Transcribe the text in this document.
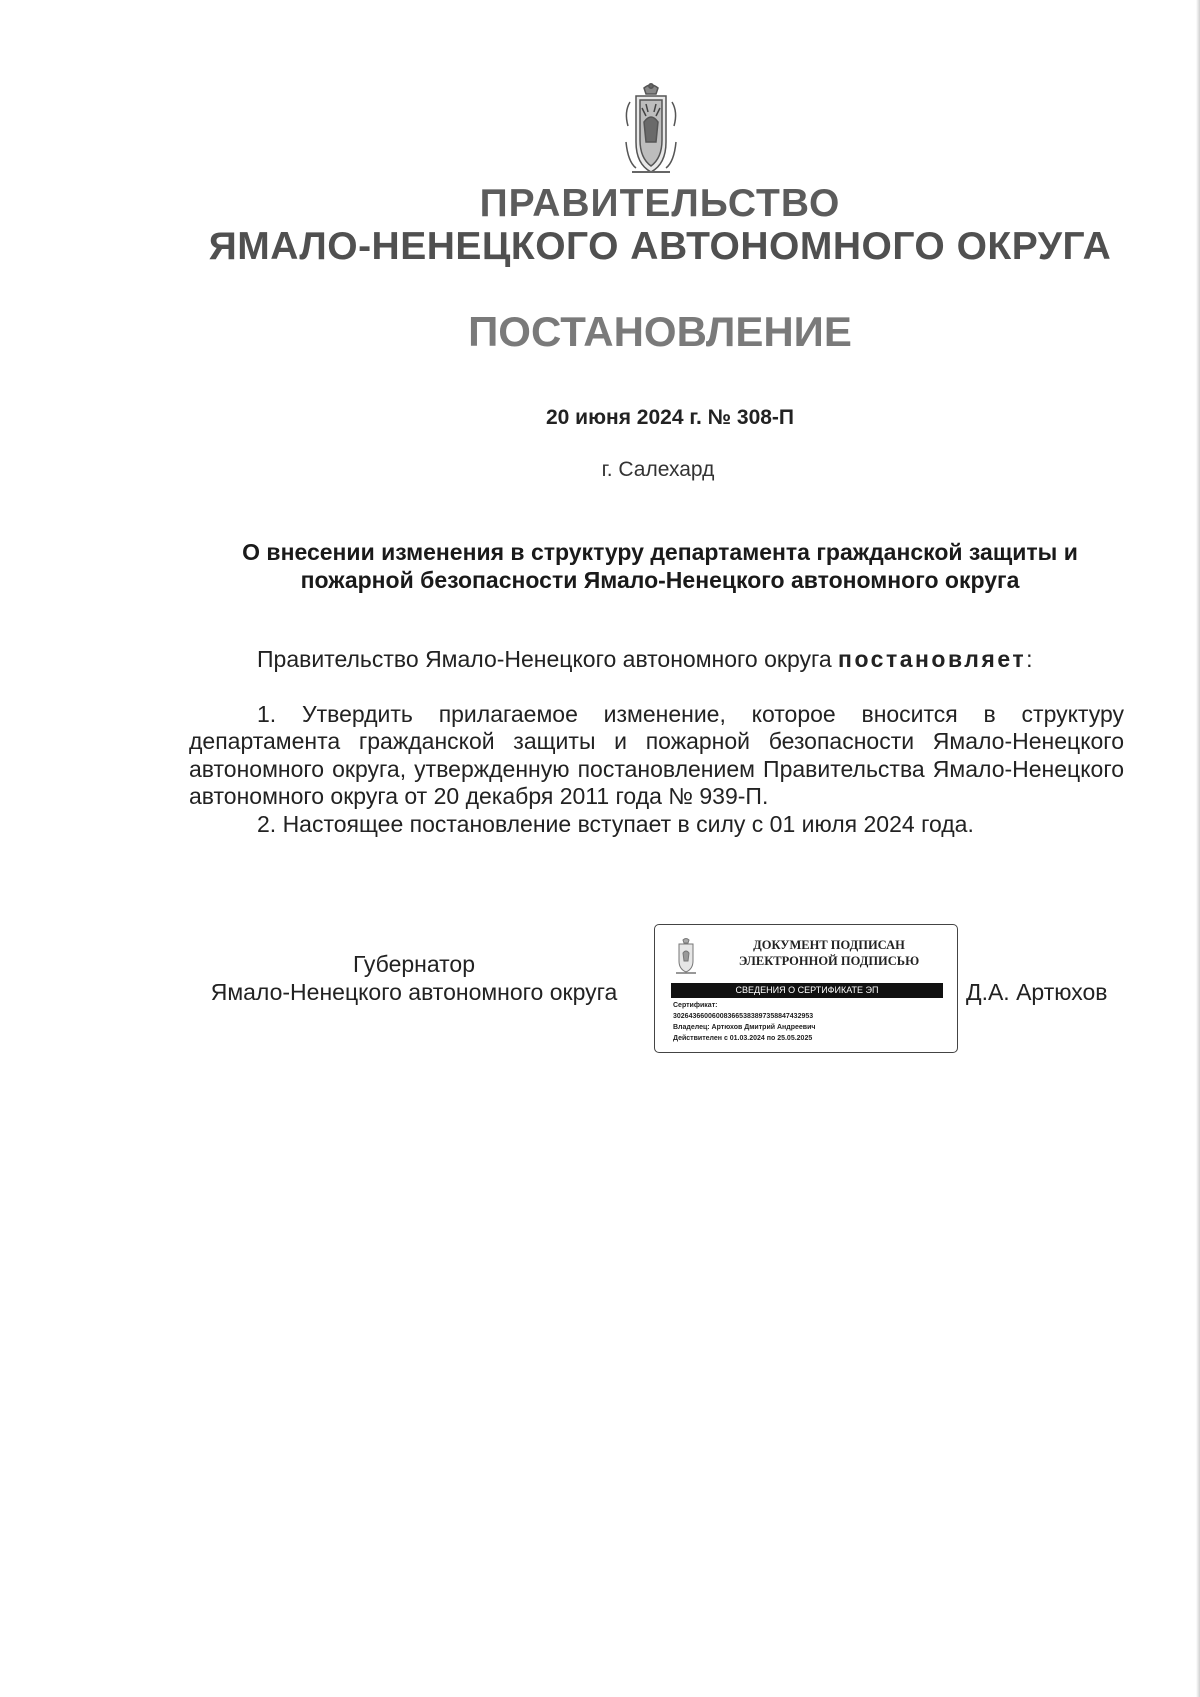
ПРАВИТЕЛЬСТВО
ЯМАЛО-НЕНЕЦКОГО АВТОНОМНОГО ОКРУГА
ПОСТАНОВЛЕНИЕ
20 июня 2024 г. № 308-П
г. Салехард
О внесении изменения в структуру департамента гражданской защиты и
пожарной безопасности Ямало-Ненецкого автономного округа

Правительство Ямало-Ненецкого автономного округа постановляет:

1. Утвердить прилагаемое изменение, которое вносится в структуру департамента гражданской защиты и пожарной безопасности Ямало-Ненецкого автономного округа, утвержденную постановлением Правительства Ямало-Ненецкого автономного округа от 20 декабря 2011 года № 939-П.

2. Настоящее постановление вступает в силу с 01 июля 2024 года.

Губернатор
Ямало-Ненецкого автономного округа
ДОКУМЕНТ ПОДПИСАН
ЭЛЕКТРОННОЙ ПОДПИСЬЮ
СВЕДЕНИЯ О СЕРТИФИКАТЕ ЭП
Сертификат:
302643660060083665383897358847432953
Владелец: Артюхов Дмитрий Андреевич
Действителен с 01.03.2024 по 25.05.2025
Д.А. Артюхов
